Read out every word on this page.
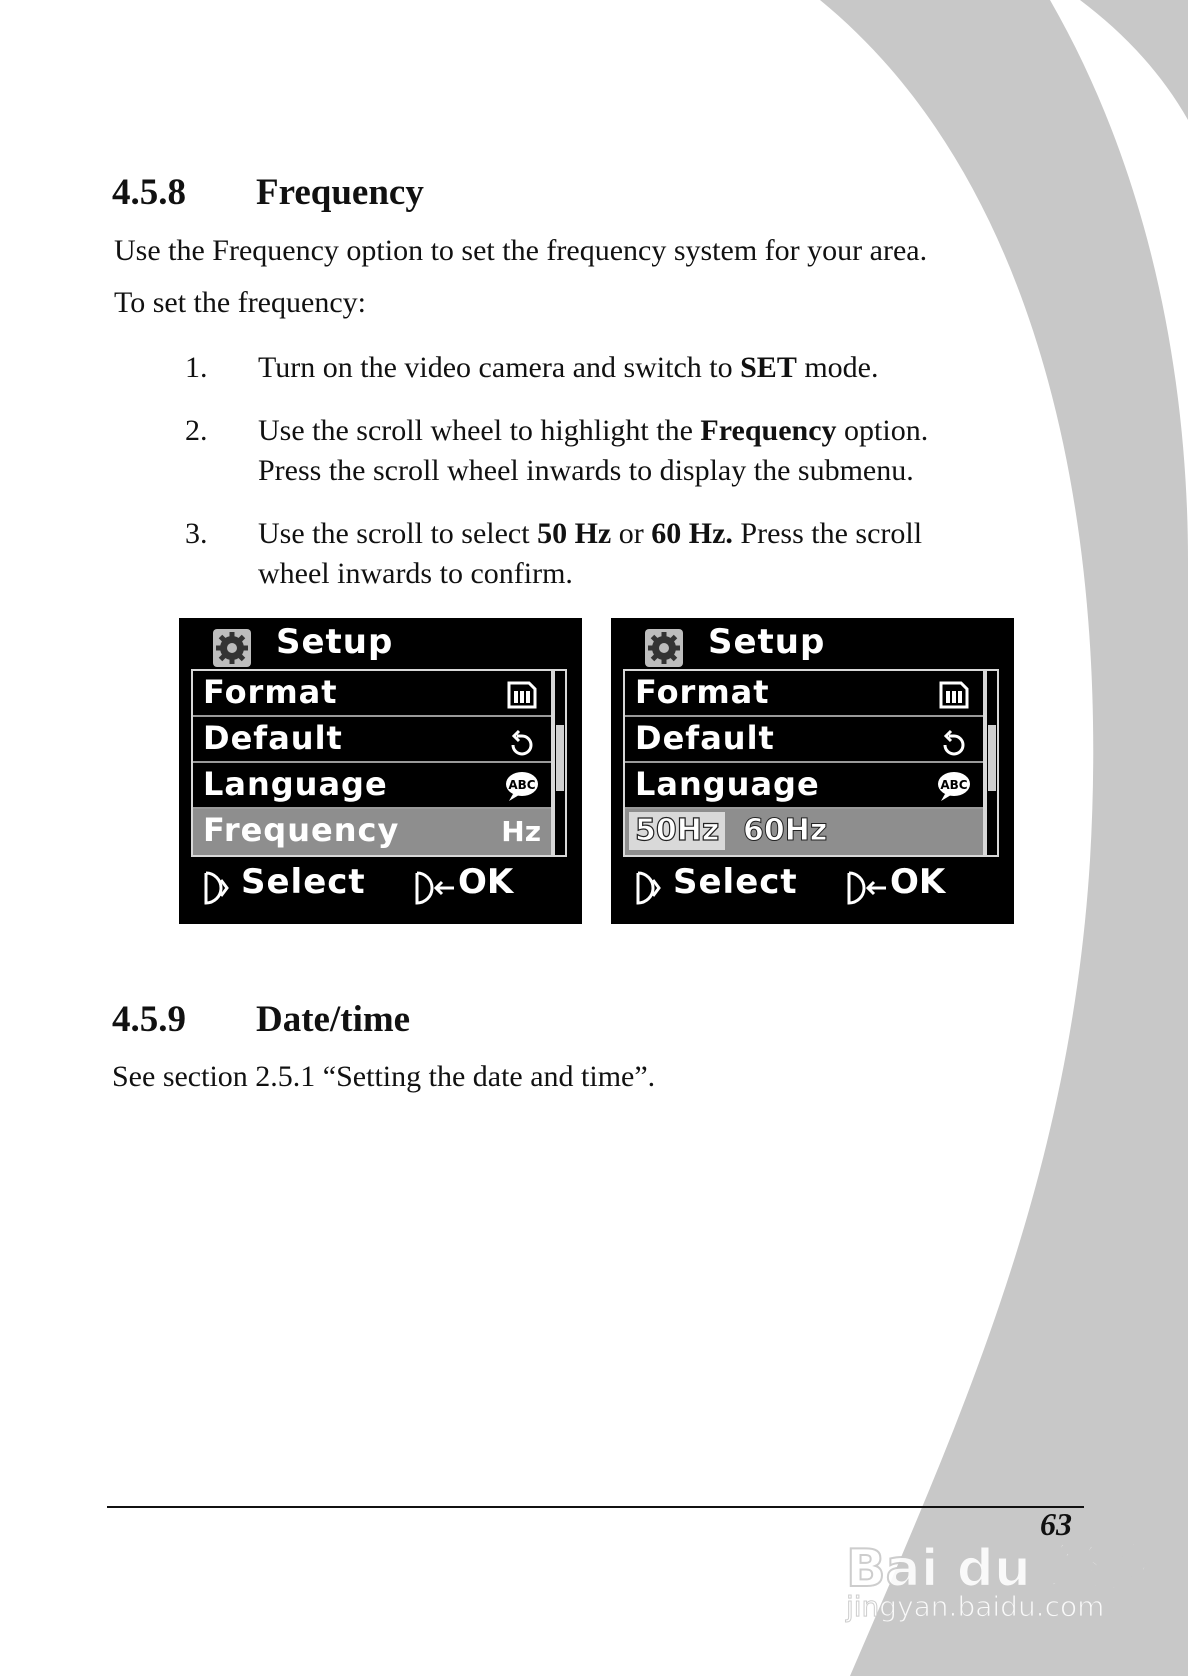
4.5.8 Frequency

Use the Frequency option to set the frequency system for your area.

To set the frequency:

1. Turn on the video camera and switch to SET mode.
2. Use the scroll wheel to highlight the Frequency option.
Press the scroll wheel inwards to display the submenu.
3. Use the scroll to select 50 Hz or 60 Hz. Press the scroll
wheel inwards to confirm.
Setup
Format
Default
Language	ABC
Frequency	Hz
Select	OK
Setup
Format
Default
Language	ABC
50Hz 60Hz
Select	OK
4.5.9 Date/time

See section 2.5.1 “Setting the date and time”.

63
Bai du 经验
jingyan.baidu.com
